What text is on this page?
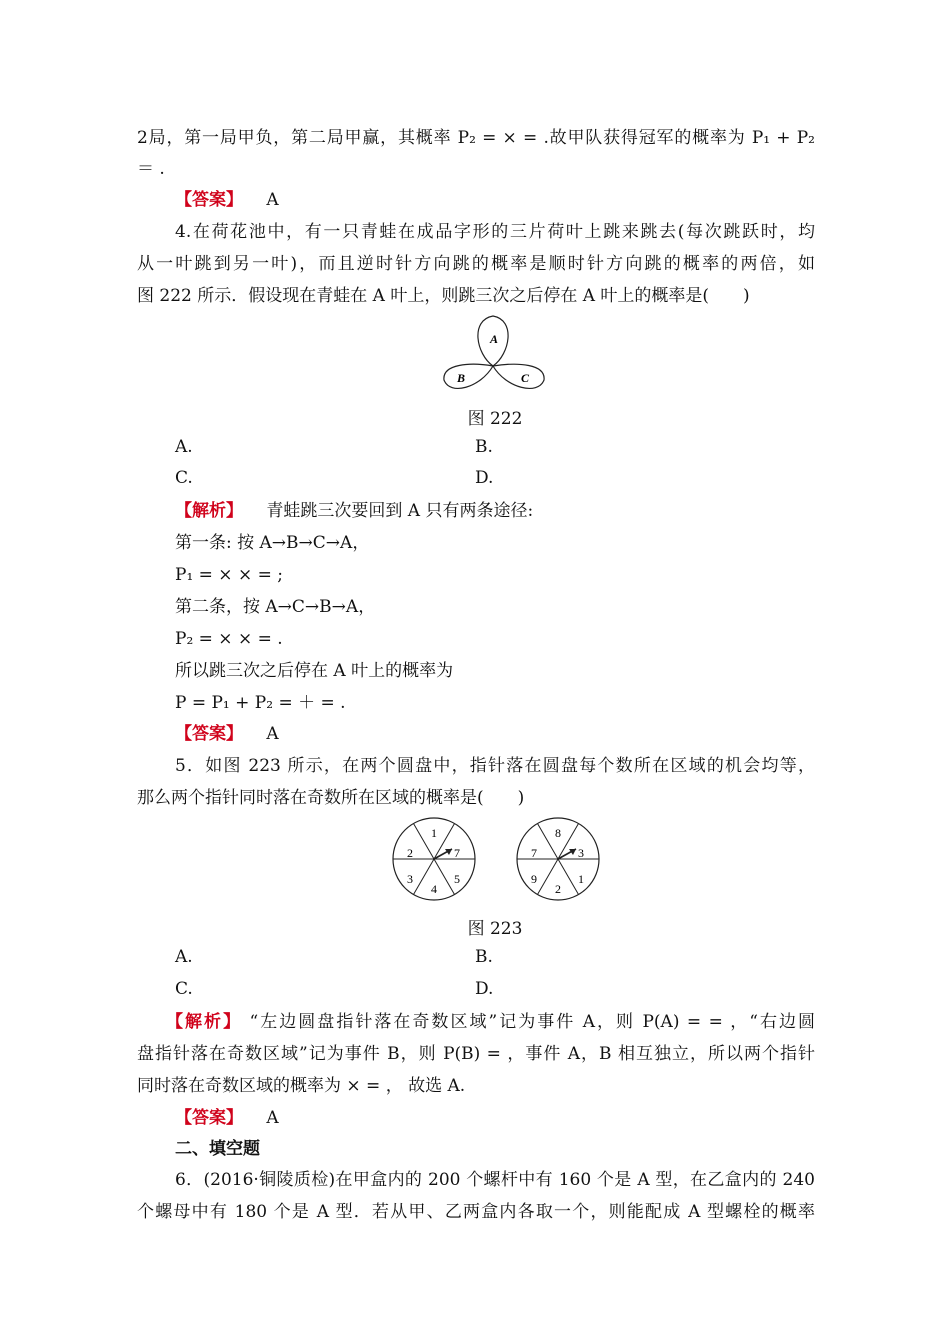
2局，第一局甲负，第二局甲赢，其概率 P₂ = × = .故甲队获得冠军的概率为 P₁ + P₂
＝ .
【答案】 A
4.在荷花池中，有一只青蛙在成品字形的三片荷叶上跳来跳去(每次跳跃时，均
从一叶跳到另一叶)，而且逆时针方向跳的概率是顺时针方向跳的概率的两倍，如
图 222 所示．假设现在青蛙在 A 叶上，则跳三次之后停在 A 叶上的概率是(　　)
A
B	C
图 222
A.	B.
C.	D.
【解析】 青蛙跳三次要回到 A 只有两条途径:
第一条: 按 A→B→C→A，
P₁ = × × = ;
第二条，按 A→C→B→A，
P₂ = × × = .
所以跳三次之后停在 A 叶上的概率为
P = P₁ + P₂ = ＋ = .
【答案】 A
5．如图 223 所示，在两个圆盘中，指针落在圆盘每个数所在区域的机会均等，
那么两个指针同时落在奇数所在区域的概率是(　　)
1
7
5
4
3
2
8
3
1
2
9
7
图 223
A.	B.
C.	D.
【解析】 “左边圆盘指针落在奇数区域”记为事件 A，则 P(A) = = ，“右边圆
盘指针落在奇数区域”记为事件 B，则 P(B) = ，事件 A，B 相互独立，所以两个指针
同时落在奇数区域的概率为 × = ， 故选 A.
【答案】 A
二、填空题
6．(2016·铜陵质检)在甲盒内的 200 个螺杆中有 160 个是 A 型，在乙盒内的 240
个螺母中有 180 个是 A 型．若从甲、乙两盒内各取一个，则能配成 A 型螺栓的概率
